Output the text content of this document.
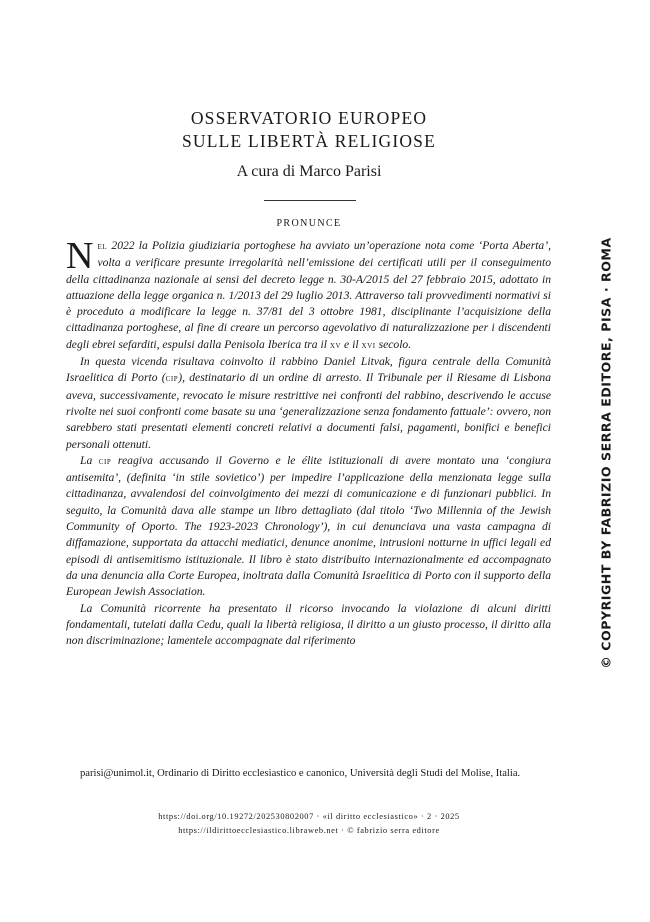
OSSERVATORIO EUROPEO
SULLE LIBERTÀ RELIGIOSE
A cura di Marco Parisi
PRONUNCE

Nel 2022 la Polizia giudiziaria portoghese ha avviato un’operazione nota come ‘Porta Aberta’, volta a verificare presunte irregolarità nell’emissione dei certificati utili per il conseguimento della cittadinanza nazionale ai sensi del decreto legge n. 30-A/2015 del 27 febbraio 2015, adottato in attuazione della legge organica n. 1/2013 del 29 luglio 2013. Attraverso tali provvedimenti normativi si è proceduto a modificare la legge n. 37/81 del 3 ottobre 1981, disciplinante l’acquisizione della cittadinanza portoghese, al fine di creare un percorso agevolativo di naturalizzazione per i discendenti degli ebrei sefarditi, espulsi dalla Penisola Iberica tra il xv e il xvi secolo.

In questa vicenda risultava coinvolto il rabbino Daniel Litvak, figura centrale della Comunità Israelitica di Porto (cip), destinatario di un ordine di arresto. Il Tribunale per il Riesame di Lisbona aveva, successivamente, revocato le misure restrittive nei confronti del rabbino, descrivendo le accuse rivolte nei suoi confronti come basate su una ‘generalizzazione senza fondamento fattuale’: ovvero, non sarebbero stati presentati elementi concreti relativi a documenti falsi, pagamenti, bonifici e benefici personali ottenuti.

La cip reagiva accusando il Governo e le élite istituzionali di avere montato una ‘congiura antisemita’, (definita ‘in stile sovietico’) per impedire l’applicazione della menzionata legge sulla cittadinanza, avvalendosi del coinvolgimento dei mezzi di comunicazione e di funzionari pubblici. In seguito, la Comunità dava alle stampe un libro dettagliato (dal titolo ‘Two Millennia of the Jewish Community of Oporto. The 1923-2023 Chronology’), in cui denunciava una vasta campagna di diffamazione, supportata da attacchi mediatici, denunce anonime, intrusioni notturne in uffici legali ed episodi di antisemitismo istituzionale. Il libro è stato distribuito internazionalmente ed accompagnato da una denuncia alla Corte Europea, inoltrata dalla Comunità Israelitica di Porto con il supporto della European Jewish Association.

La Comunità ricorrente ha presentato il ricorso invocando la violazione di alcuni diritti fondamentali, tutelati dalla Cedu, quali la libertà religiosa, il diritto a un giusto processo, il diritto alla non discriminazione; lamentele accompagnate dal riferimento

parisi@unimol.it, Ordinario di Diritto ecclesiastico e canonico, Università degli Studi del Molise, Italia.
https://doi.org/10.19272/202530802007 · «il diritto ecclesiastico» · 2 · 2025
https://ildirittoecclesiastico.libraweb.net · © fabrizio serra editore
© COPYRIGHT BY FABRIZIO SERRA EDITORE, PISA · ROMA
